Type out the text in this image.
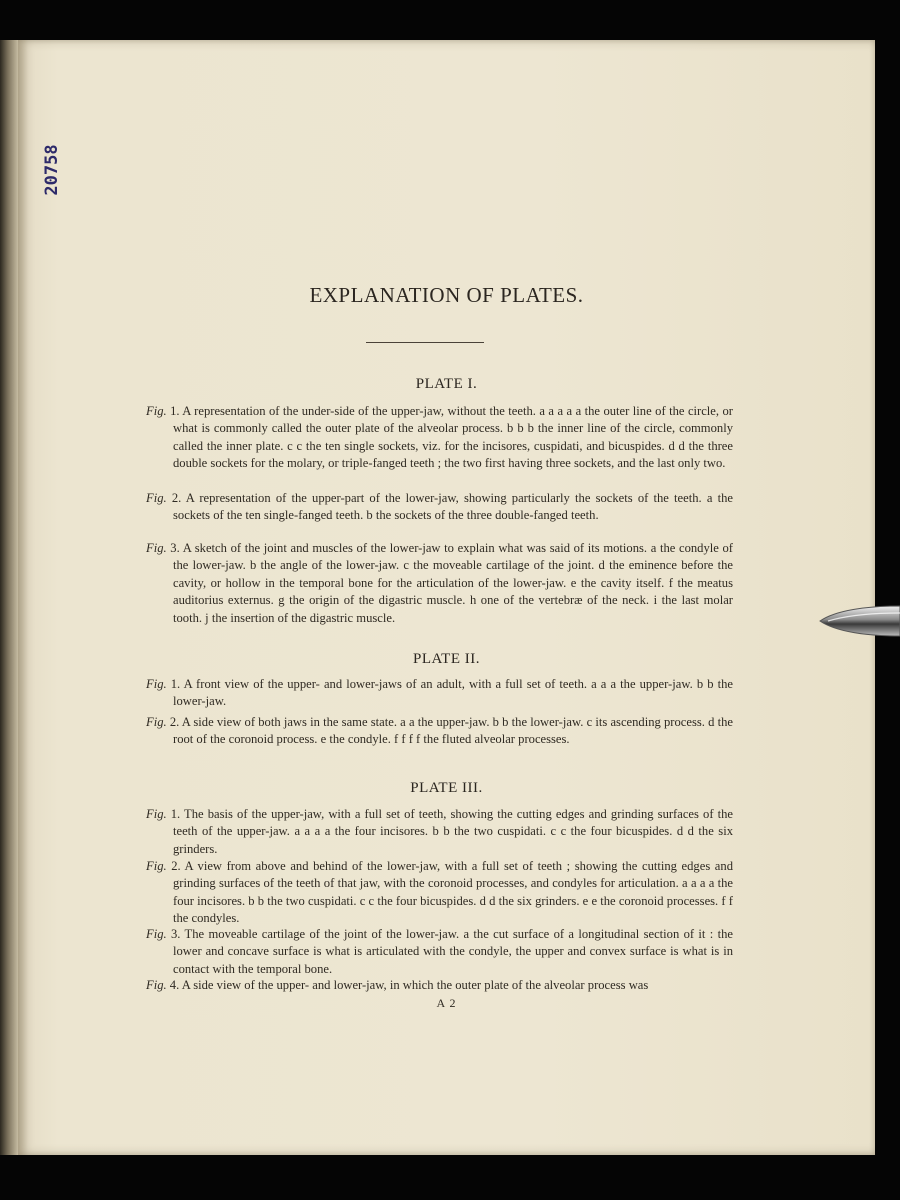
20758
EXPLANATION OF PLATES.
PLATE I.
Fig. 1. A representation of the under-side of the upper-jaw, without the teeth. a a a a a the outer line of the circle, or what is commonly called the outer plate of the alveolar process. b b b the inner line of the circle, commonly called the inner plate. c c the ten single sockets, viz. for the incisores, cuspidati, and bicuspides. d d the three double sockets for the molary, or triple-fanged teeth ; the two first having three sockets, and the last only two.
Fig. 2. A representation of the upper-part of the lower-jaw, showing particularly the sockets of the teeth. a the sockets of the ten single-fanged teeth. b the sockets of the three double-fanged teeth.
Fig. 3. A sketch of the joint and muscles of the lower-jaw to explain what was said of its motions. a the condyle of the lower-jaw. b the angle of the lower-jaw. c the moveable cartilage of the joint. d the eminence before the cavity, or hollow in the temporal bone for the articulation of the lower-jaw. e the cavity itself. f the meatus auditorius externus. g the origin of the digastric muscle. h one of the vertebræ of the neck. i the last molar tooth. j the insertion of the digastric muscle.
PLATE II.
Fig. 1. A front view of the upper- and lower-jaws of an adult, with a full set of teeth. a a a the upper-jaw. b b the lower-jaw.
Fig. 2. A side view of both jaws in the same state. a a the upper-jaw. b b the lower-jaw. c its ascending process. d the root of the coronoid process. e the condyle. f f f f the fluted alveolar processes.
PLATE III.
Fig. 1. The basis of the upper-jaw, with a full set of teeth, showing the cutting edges and grinding surfaces of the teeth of the upper-jaw. a a a a the four incisores. b b the two cuspidati. c c the four bicuspides. d d the six grinders.
Fig. 2. A view from above and behind of the lower-jaw, with a full set of teeth ; showing the cutting edges and grinding surfaces of the teeth of that jaw, with the coronoid processes, and condyles for articulation. a a a a the four incisores. b b the two cuspidati. c c the four bicuspides. d d the six grinders. e e the coronoid processes. f f the condyles.
Fig. 3. The moveable cartilage of the joint of the lower-jaw. a the cut surface of a longitudinal section of it : the lower and concave surface is what is articulated with the condyle, the upper and convex surface is what is in contact with the temporal bone.
Fig. 4. A side view of the upper- and lower-jaw, in which the outer plate of the alveolar process was
A 2
